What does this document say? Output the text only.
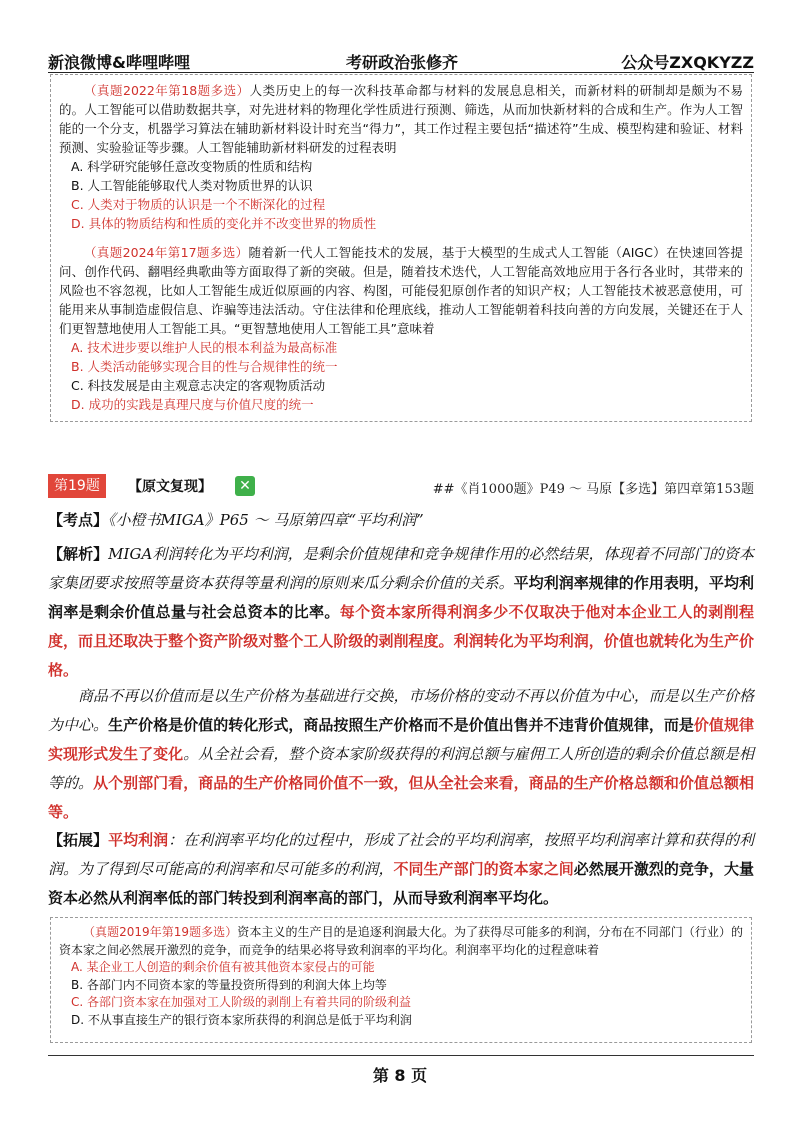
新浪微博&哔哩哔哩	考研政治张修齐	公众号ZXQKYZZ
（真题2022年第18题多选）人类历史上的每一次科技革命都与材料的发展息息相关，而新材料的研制却是颇为不易的。人工智能可以借助数据共享，对先进材料的物理化学性质进行预测、筛选，从而加快新材料的合成和生产。作为人工智能的一个分支，机器学习算法在辅助新材料设计时充当“得力”，其工作过程主要包括“描述符”生成、模型构建和验证、材料预测、实验验证等步骤。人工智能辅助新材料研发的过程表明
A. 科学研究能够任意改变物质的性质和结构
B. 人工智能能够取代人类对物质世界的认识
C. 人类对于物质的认识是一个不断深化的过程
D. 具体的物质结构和性质的变化并不改变世界的物质性
（真题2024年第17题多选）随着新一代人工智能技术的发展，基于大模型的生成式人工智能（AIGC）在快速回答提问、创作代码、翻唱经典歌曲等方面取得了新的突破。但是，随着技术迭代，人工智能高效地应用于各行各业时，其带来的风险也不容忽视，比如人工智能生成近似原画的内容、构图，可能侵犯原创作者的知识产权；人工智能技术被恶意使用，可能用来从事制造虚假信息、诈骗等违法活动。守住法律和伦理底线，推动人工智能朝着科技向善的方向发展，关键还在于人们更智慧地使用人工智能工具。“更智慧地使用人工智能工具”意味着
A. 技术进步要以维护人民的根本利益为最高标准
B. 人类活动能够实现合目的性与合规律性的统一
C. 科技发展是由主观意志决定的客观物质活动
D. 成功的实践是真理尺度与价值尺度的统一
第19题	【原文复现】 ✕	##《肖1000题》P49 ～ 马原【多选】第四章第153题
【考点】《小橙书MIGA》P65 ～ 马原第四章“平均利润”
【解析】MIGA利润转化为平均利润，是剩余价值规律和竞争规律作用的必然结果，体现着不同部门的资本家集团要求按照等量资本获得等量利润的原则来瓜分剩余价值的关系。平均利润率规律的作用表明，平均利润率是剩余价值总量与社会总资本的比率。每个资本家所得利润多少不仅取决于他对本企业工人的剥削程度，而且还取决于整个资产阶级对整个工人阶级的剥削程度。利润转化为平均利润，价值也就转化为生产价格。
商品不再以价值而是以生产价格为基础进行交换，市场价格的变动不再以价值为中心，而是以生产价格为中心。生产价格是价值的转化形式，商品按照生产价格而不是价值出售并不违背价值规律，而是价值规律实现形式发生了变化。从全社会看，整个资本家阶级获得的利润总额与雇佣工人所创造的剩余价值总额是相等的。从个别部门看，商品的生产价格同价值不一致，但从全社会来看，商品的生产价格总额和价值总额相等。
【拓展】平均利润：在利润率平均化的过程中，形成了社会的平均利润率，按照平均利润率计算和获得的利润。为了得到尽可能高的利润率和尽可能多的利润，不同生产部门的资本家之间必然展开激烈的竞争，大量资本必然从利润率低的部门转投到利润率高的部门，从而导致利润率平均化。
（真题2019年第19题多选）资本主义的生产目的是追逐利润最大化。为了获得尽可能多的利润，分布在不同部门（行业）的资本家之间必然展开激烈的竞争，而竞争的结果必将导致利润率的平均化。利润率平均化的过程意味着
A. 某企业工人创造的剩余价值有被其他资本家侵占的可能
B. 各部门内不同资本家的等量投资所得到的利润大体上均等
C. 各部门资本家在加强对工人阶级的剥削上有着共同的阶级利益
D. 不从事直接生产的银行资本家所获得的利润总是低于平均利润
第 8 页
